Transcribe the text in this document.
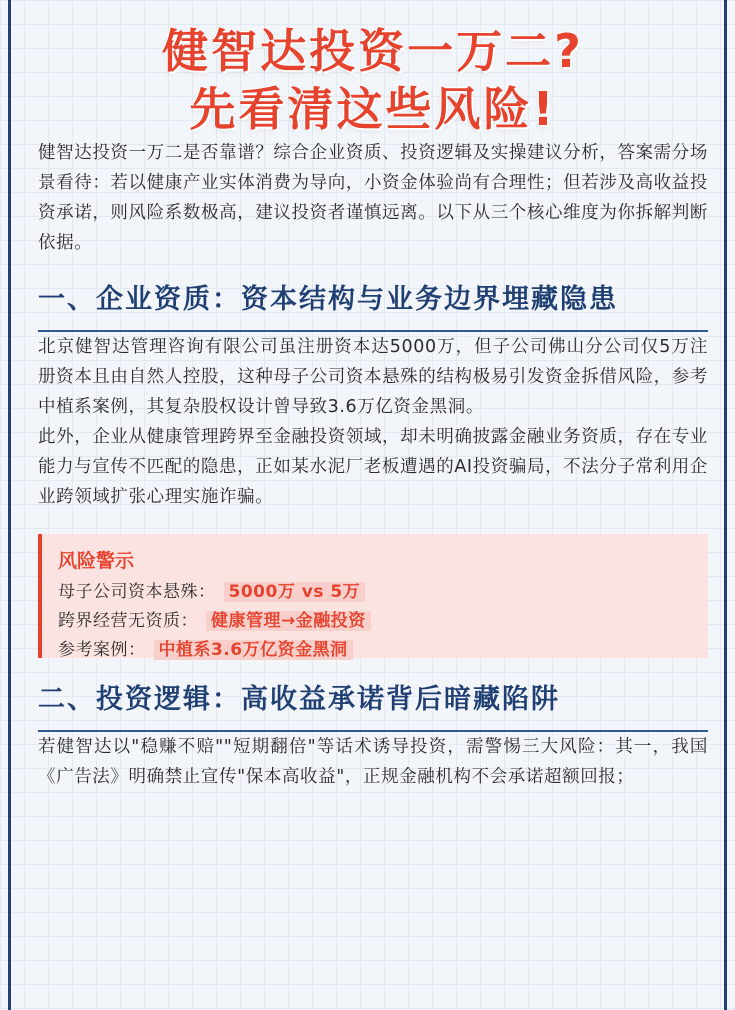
健智达投资一万二?
先看清这些风险!

健智达投资一万二是否靠谱？综合企业资质、投资逻辑及实操建议分析，答案需分场景看待：若以健康产业实体消费为导向，小资金体验尚有合理性；但若涉及高收益投资承诺，则风险系数极高，建议投资者谨慎远离。以下从三个核心维度为你拆解判断依据。

一、企业资质：资本结构与业务边界埋藏隐患

北京健智达管理咨询有限公司虽注册资本达5000万，但子公司佛山分公司仅5万注册资本且由自然人控股，这种母子公司资本悬殊的结构极易引发资金拆借风险，参考中植系案例，其复杂股权设计曾导致3.6万亿资金黑洞。

此外，企业从健康管理跨界至金融投资领域，却未明确披露金融业务资质，存在专业能力与宣传不匹配的隐患，正如某水泥厂老板遭遇的AI投资骗局，不法分子常利用企业跨领域扩张心理实施诈骗。

风险警示
母子公司资本悬殊： 5000万 vs 5万
跨界经营无资质： 健康管理→金融投资
参考案例： 中植系3.6万亿资金黑洞
二、投资逻辑：高收益承诺背后暗藏陷阱

若健智达以"稳赚不赔""短期翻倍"等话术诱导投资，需警惕三大风险：其一，我国《广告法》明确禁止宣传"保本高收益"，正规金融机构不会承诺超额回报；
